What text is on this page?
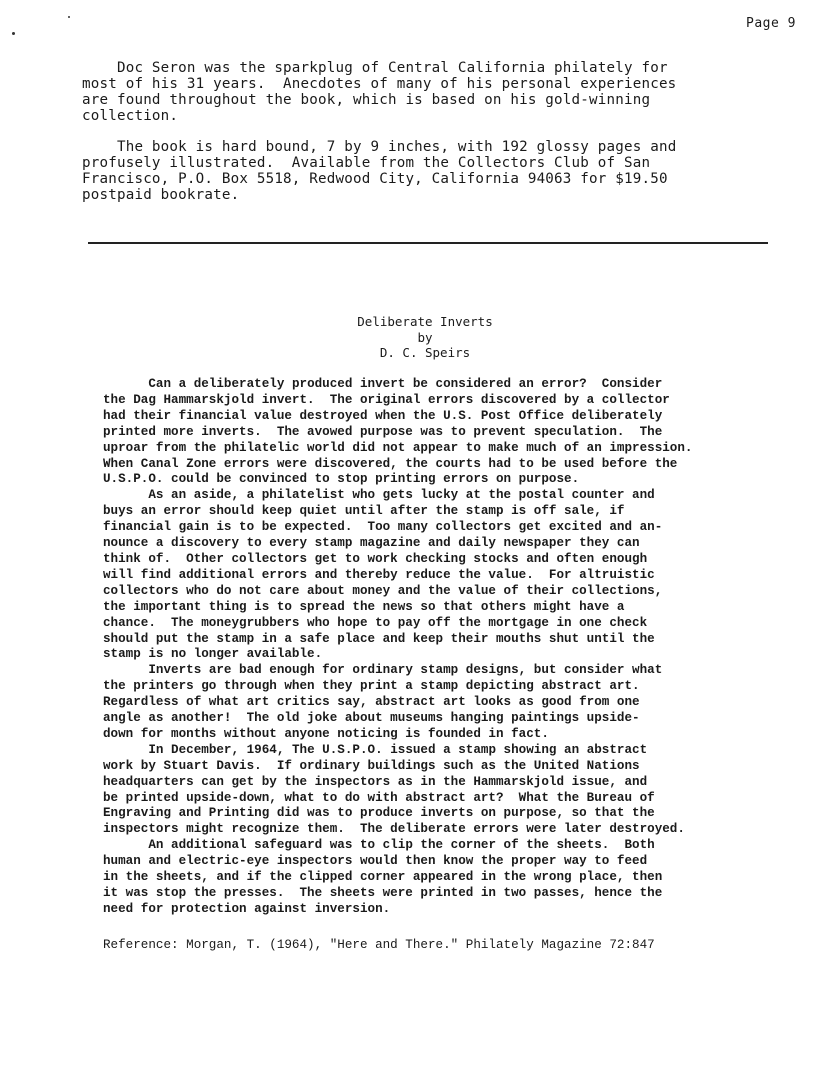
Page 9

Doc Seron was the sparkplug of Central California philately for
most of his 31 years.  Anecdotes of many of his personal experiences
are found throughout the book, which is based on his gold-winning
collection.

The book is hard bound, 7 by 9 inches, with 192 glossy pages and
profusely illustrated.  Available from the Collectors Club of San
Francisco, P.O. Box 5518, Redwood City, California 94063 for $19.50
postpaid bookrate.

Deliberate Inverts
by
D. C. Speirs

Can a deliberately produced invert be considered an error?  Consider
the Dag Hammarskjold invert.  The original errors discovered by a collector
had their financial value destroyed when the U.S. Post Office deliberately
printed more inverts.  The avowed purpose was to prevent speculation.  The
uproar from the philatelic world did not appear to make much of an impression.
When Canal Zone errors were discovered, the courts had to be used before the
U.S.P.O. could be convinced to stop printing errors on purpose.

As an aside, a philatelist who gets lucky at the postal counter and
buys an error should keep quiet until after the stamp is off sale, if
financial gain is to be expected.  Too many collectors get excited and an-
nounce a discovery to every stamp magazine and daily newspaper they can
think of.  Other collectors get to work checking stocks and often enough
will find additional errors and thereby reduce the value.  For altruistic
collectors who do not care about money and the value of their collections,
the important thing is to spread the news so that others might have a
chance.  The moneygrubbers who hope to pay off the mortgage in one check
should put the stamp in a safe place and keep their mouths shut until the
stamp is no longer available.

Inverts are bad enough for ordinary stamp designs, but consider what
the printers go through when they print a stamp depicting abstract art.
Regardless of what art critics say, abstract art looks as good from one
angle as another!  The old joke about museums hanging paintings upside-
down for months without anyone noticing is founded in fact.

In December, 1964, The U.S.P.O. issued a stamp showing an abstract
work by Stuart Davis.  If ordinary buildings such as the United Nations
headquarters can get by the inspectors as in the Hammarskjold issue, and
be printed upside-down, what to do with abstract art?  What the Bureau of
Engraving and Printing did was to produce inverts on purpose, so that the
inspectors might recognize them.  The deliberate errors were later destroyed.

An additional safeguard was to clip the corner of the sheets.  Both
human and electric-eye inspectors would then know the proper way to feed
in the sheets, and if the clipped corner appeared in the wrong place, then
it was stop the presses.  The sheets were printed in two passes, hence the
need for protection against inversion.

Reference: Morgan, T. (1964), "Here and There." Philately Magazine 72:847
